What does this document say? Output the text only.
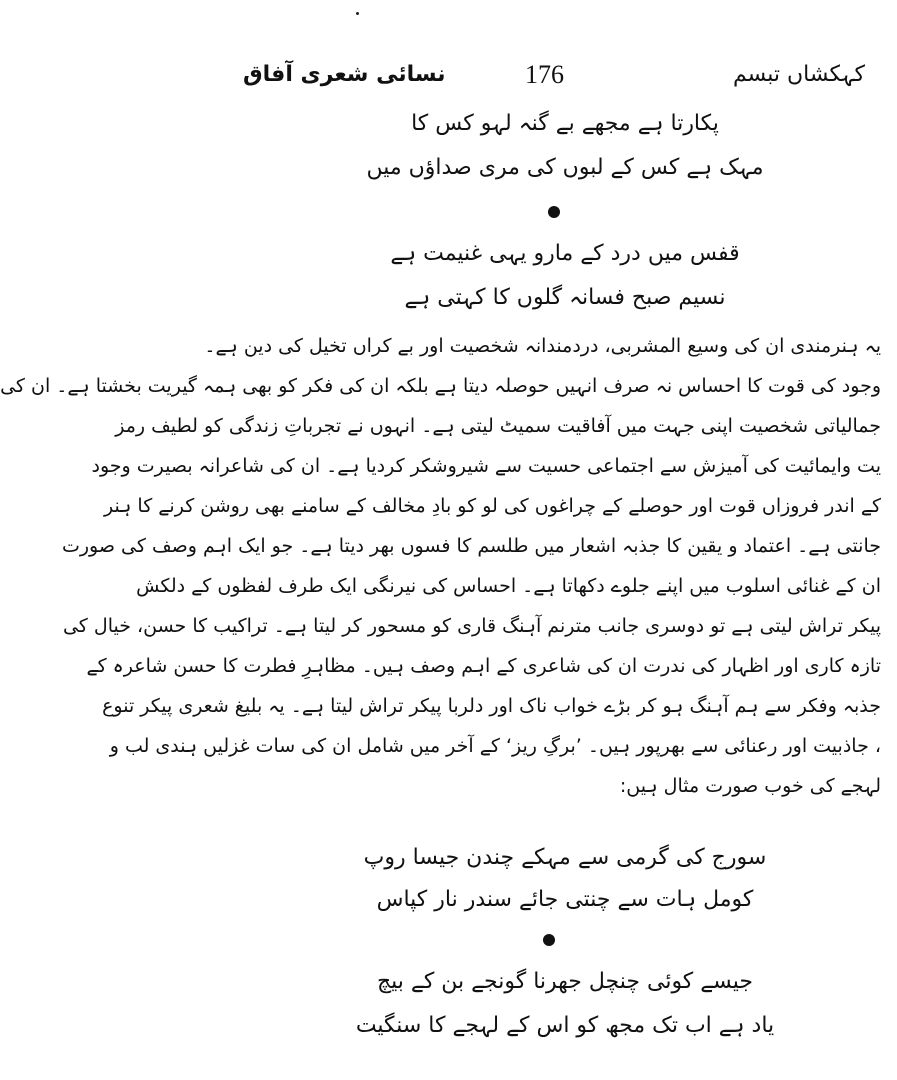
کہکشاں تبسم
176
نسائی شعری آفاق
پکارتا ہے مجھے بے گنہ لہو کس کا
مہک ہے کس کے لبوں کی مری صداؤں میں
قفس میں درد کے مارو یہی غنیمت ہے
نسیم صبح فسانہ گلوں کا کہتی ہے
یہ ہنرمندی ان کی وسیع المشربی، دردمندانہ شخصیت اور بے کراں تخیل کی دین ہے۔
وجود کی قوت کا احساس نہ صرف انہیں حوصلہ دیتا ہے بلکہ ان کی فکر کو بھی ہمہ گیریت بخشتا ہے۔ ان کی
جمالیاتی شخصیت اپنی جہت میں آفاقیت سمیٹ لیتی ہے۔ انہوں نے تجرباتِ زندگی کو لطیف رمز
یت وایمائیت کی آمیزش سے اجتماعی حسیت سے شیروشکر کردیا ہے۔ ان کی شاعرانہ بصیرت وجود
کے اندر فروزاں قوت اور حوصلے کے چراغوں کی لو کو بادِ مخالف کے سامنے بھی روشن کرنے کا ہنر
جانتی ہے۔ اعتماد و یقین کا جذبہ اشعار میں طلسم کا فسوں بھر دیتا ہے۔ جو ایک اہم وصف کی صورت
ان کے غنائی اسلوب میں اپنے جلوے دکھاتا ہے۔ احساس کی نیرنگی ایک طرف لفظوں کے دلکش
پیکر تراش لیتی ہے تو دوسری جانب مترنم آہنگ قاری کو مسحور کر لیتا ہے۔ تراکیب کا حسن، خیال کی
تازہ کاری اور اظہار کی ندرت ان کی شاعری کے اہم وصف ہیں۔ مظاہرِ فطرت کا حسن شاعرہ کے
جذبہ وفکر سے ہم آہنگ ہو کر بڑے خواب ناک اور دلربا پیکر تراش لیتا ہے۔ یہ بلیغ شعری پیکر تنوع
، جاذبیت اور رعنائی سے بھرپور ہیں۔ ’برگِ ریز‘ کے آخر میں شامل ان کی سات غزلیں ہندی لب و
لہجے کی خوب صورت مثال ہیں:
سورج کی گرمی سے مہکے چندن جیسا روپ
کومل ہات سے چنتی جائے سندر نار کپاس
جیسے کوئی چنچل جھرنا گونجے بن کے بیچ
یاد ہے اب تک مجھ کو اس کے لہجے کا سنگیت
